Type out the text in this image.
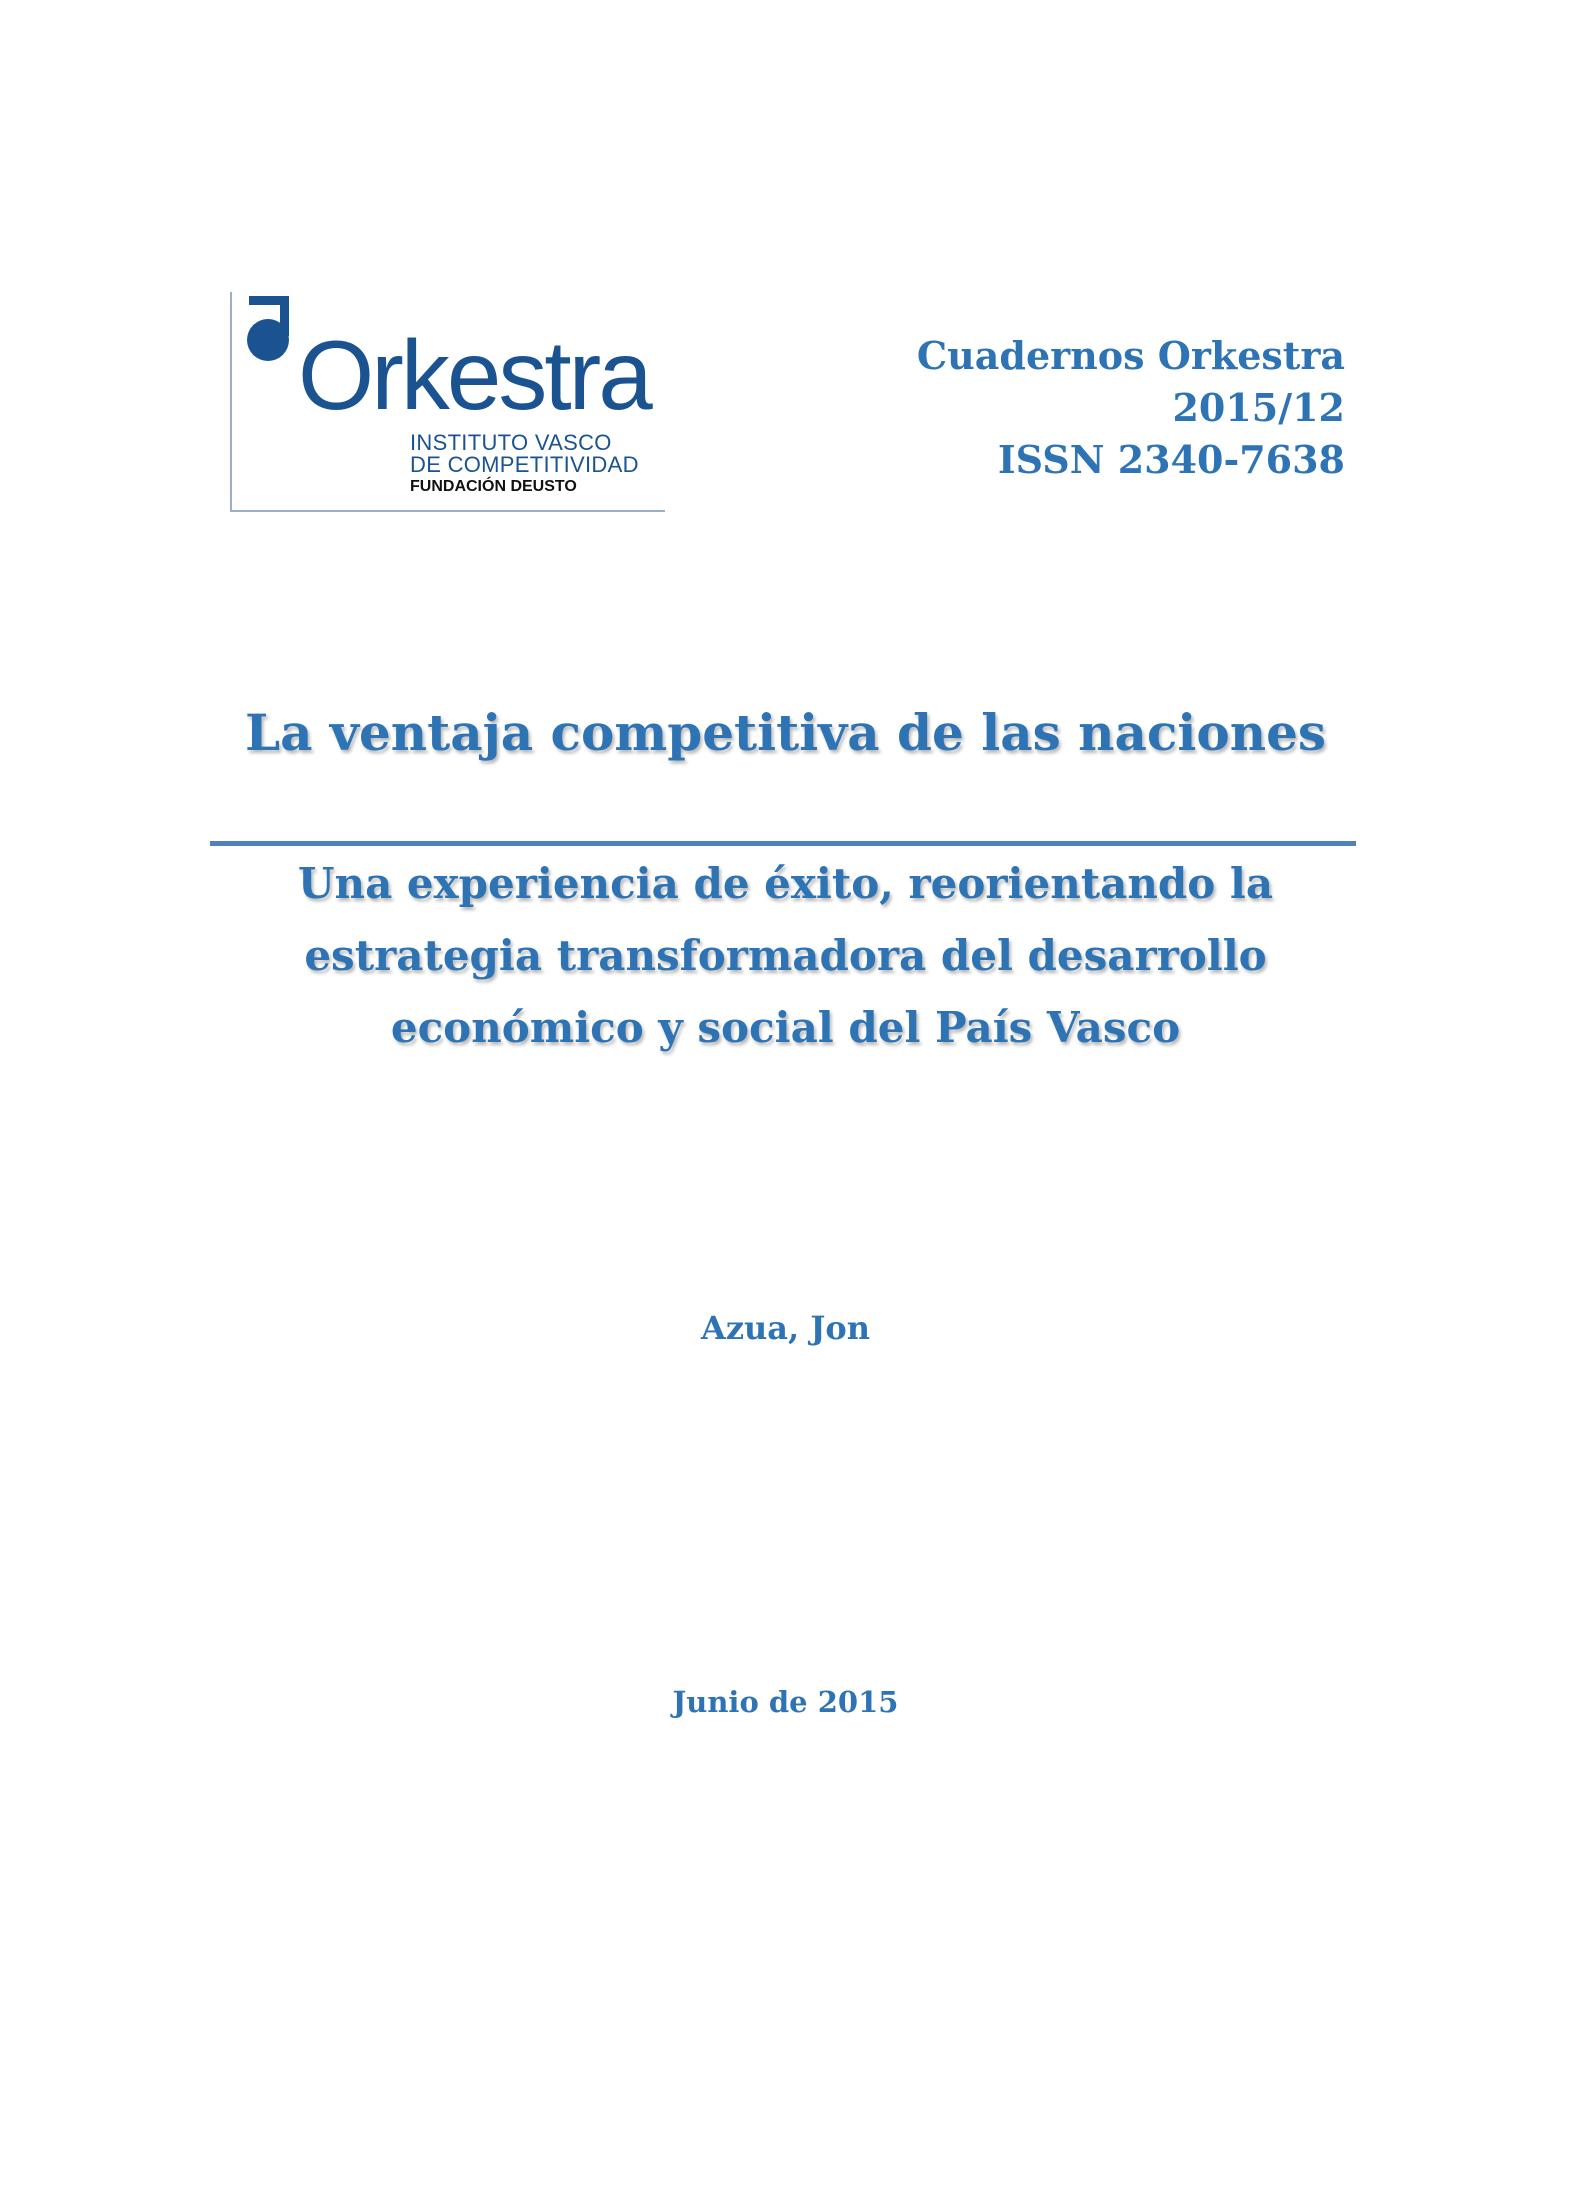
Orkestra
INSTITUTO VASCO
DE COMPETITIVIDAD
FUNDACIÓN DEUSTO
Cuadernos Orkestra
2015/12
ISSN 2340-7638
La ventaja competitiva de las naciones
Una experiencia de éxito, reorientando la
estrategia transformadora del desarrollo
económico y social del País Vasco
Azua, Jon
Junio de 2015
